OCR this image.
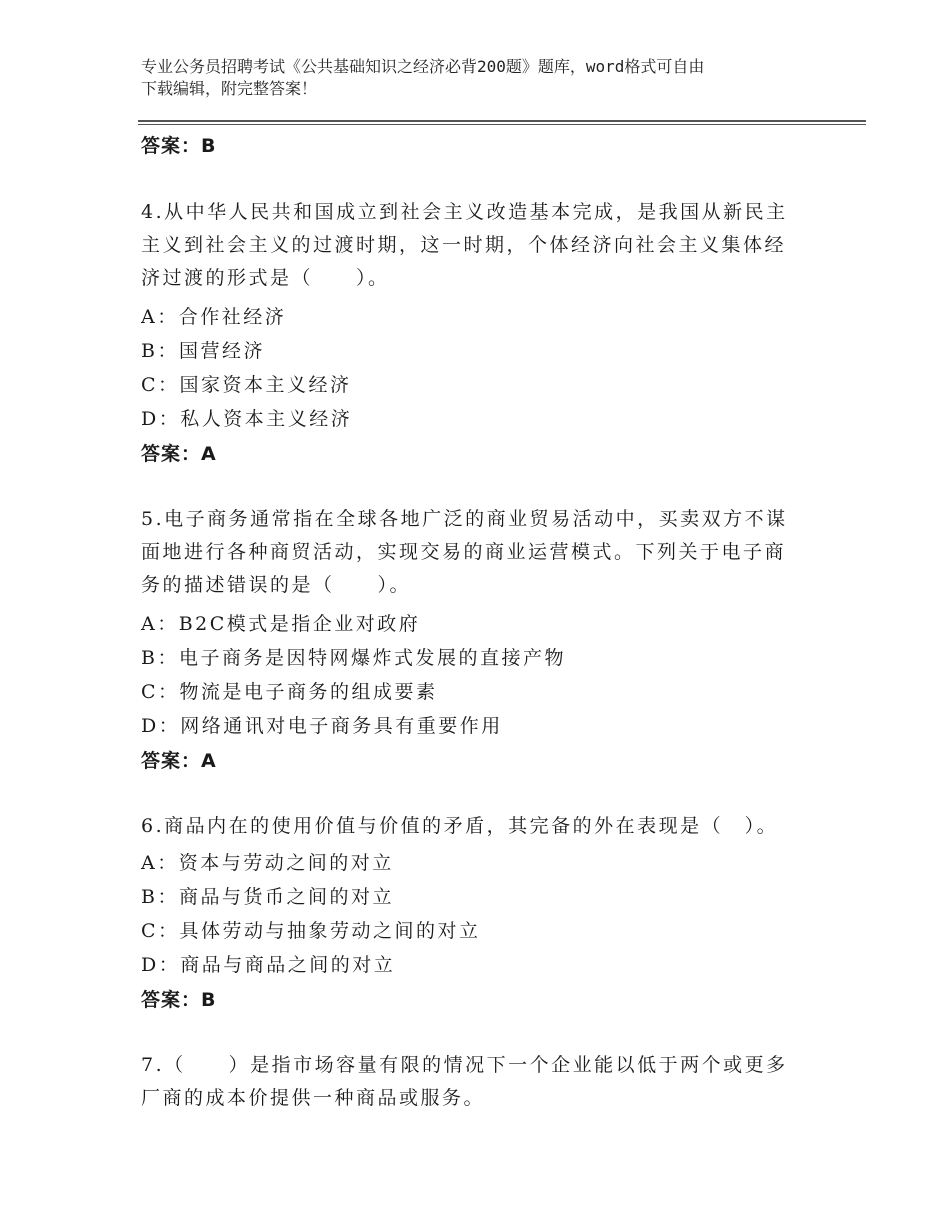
专业公务员招聘考试《公共基础知识之经济必背200题》题库，word格式可自由
下载编辑，附完整答案！
答案：B
4.从中华人民共和国成立到社会主义改造基本完成，是我国从新民主主义到社会主义的过渡时期，这一时期，个体经济向社会主义集体经济过渡的形式是（　　）。
A：合作社经济
B：国营经济
C：国家资本主义经济
D：私人资本主义经济
答案：A
5.电子商务通常指在全球各地广泛的商业贸易活动中，买卖双方不谋面地进行各种商贸活动，实现交易的商业运营模式。下列关于电子商务的描述错误的是（　　）。
A：B2C模式是指企业对政府
B：电子商务是因特网爆炸式发展的直接产物
C：物流是电子商务的组成要素
D：网络通讯对电子商务具有重要作用
答案：A
6.商品内在的使用价值与价值的矛盾，其完备的外在表现是（　）。
A：资本与劳动之间的对立
B：商品与货币之间的对立
C：具体劳动与抽象劳动之间的对立
D：商品与商品之间的对立
答案：B
7.（　　）是指市场容量有限的情况下一个企业能以低于两个或更多厂商的成本价提供一种商品或服务。
